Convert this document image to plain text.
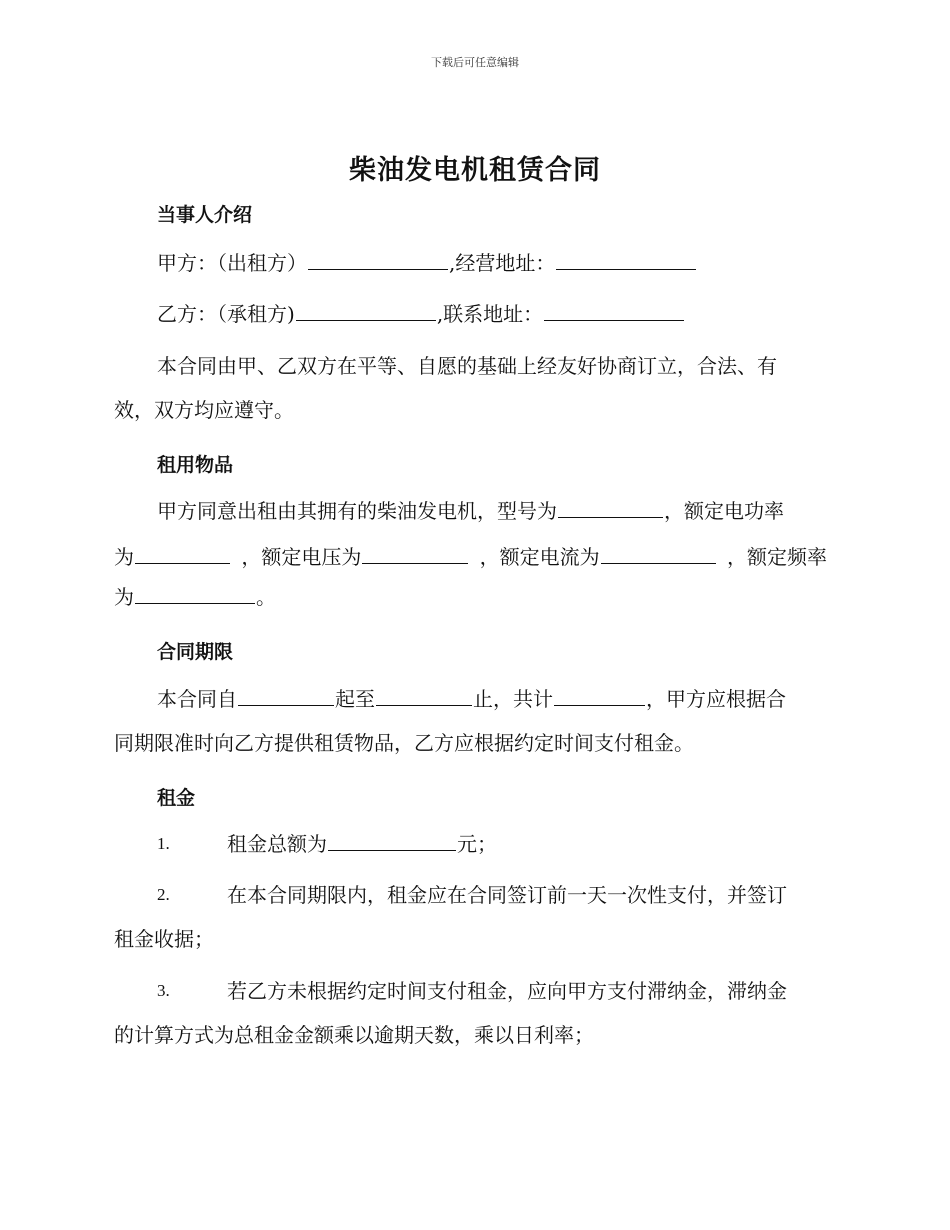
下载后可任意编辑
柴油发电机租赁合同
当事人介绍
甲方：（出租方）	,经营地址：
乙方：（承租方)	,联系地址：
本合同由甲、乙双方在平等、自愿的基础上经友好协商订立，合法、有
效，双方均应遵守。
租用物品
甲方同意出租由其拥有的柴油发电机，型号为	，额定电功率
为	，额定电压为	，额定电流为	，额定频率
为	。
合同期限
本合同自	起至	止，共计	，甲方应根据合
同期限准时向乙方提供租赁物品，乙方应根据约定时间支付租金。
租金
1.	租金总额为	元；
2.	在本合同期限内，租金应在合同签订前一天一次性支付，并签订
租金收据；
3.	若乙方未根据约定时间支付租金，应向甲方支付滞纳金，滞纳金
的计算方式为总租金金额乘以逾期天数，乘以日利率；
